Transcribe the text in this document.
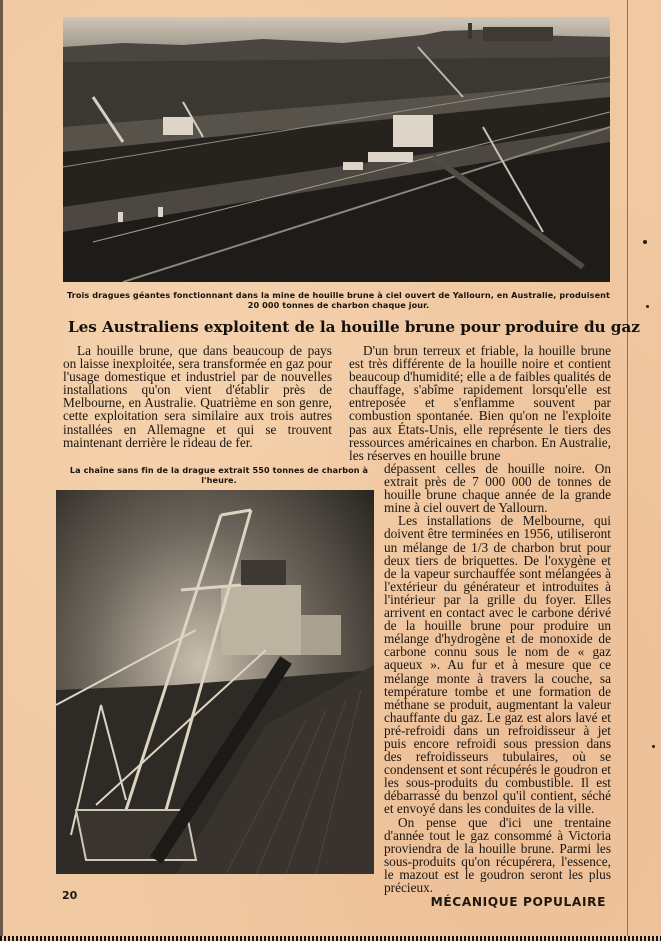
Trois dragues géantes fonctionnant dans la mine de houille brune à ciel ouvert de Yallourn, en Australie, produisent 20 000 tonnes de charbon chaque jour.
Les Australiens exploitent de la houille brune pour produire du gaz

La houille brune, que dans beaucoup de pays on laisse inexploitée, sera transformée en gaz pour l'usage domestique et industriel par de nouvelles installations qu'on vient d'établir près de Melbourne, en Australie. Quatrième en son genre, cette exploitation sera similaire aux trois autres installées en Allemagne et qui se trouvent maintenant derrière le rideau de fer.

D'un brun terreux et friable, la houille brune est très différente de la houille noire et contient beaucoup d'humidité; elle a de faibles qualités de chauffage, s'abîme rapidement lorsqu'elle est entreposée et s'enflamme souvent par combustion spontanée. Bien qu'on ne l'exploite pas aux États-Unis, elle représente le tiers des ressources américaines en charbon. En Australie, les réserves en houille brune

La chaîne sans fin de la drague extrait 550 tonnes de charbon à l'heure.

dépassent celles de houille noire. On extrait près de 7 000 000 de tonnes de houille brune chaque année de la grande mine à ciel ouvert de Yallourn.

Les installations de Melbourne, qui doivent être terminées en 1956, utiliseront un mélange de 1/3 de charbon brut pour deux tiers de briquettes. De l'oxygène et de la vapeur surchauffée sont mélangées à l'extérieur du générateur et introduites à l'intérieur par la grille du foyer. Elles arrivent en contact avec le carbone dérivé de la houille brune pour produire un mélange d'hydrogène et de monoxide de carbone connu sous le nom de « gaz aqueux ». Au fur et à mesure que ce mélange monte à travers la couche, sa température tombe et une formation de méthane se produit, augmentant la valeur chauffante du gaz. Le gaz est alors lavé et pré-refroidi dans un refroidisseur à jet puis encore refroidi sous pression dans des refroidisseurs tubulaires, où se condensent et sont récupérés le goudron et les sous-produits du combustible. Il est débarrassé du benzol qu'il contient, séché et envoyé dans les conduites de la ville.

On pense que d'ici une trentaine d'année tout le gaz consommé à Victoria proviendra de la houille brune. Parmi les sous-produits qu'on récupérera, l'essence, le mazout est le goudron seront les plus précieux.

20	MÉCANIQUE POPULAIRE
